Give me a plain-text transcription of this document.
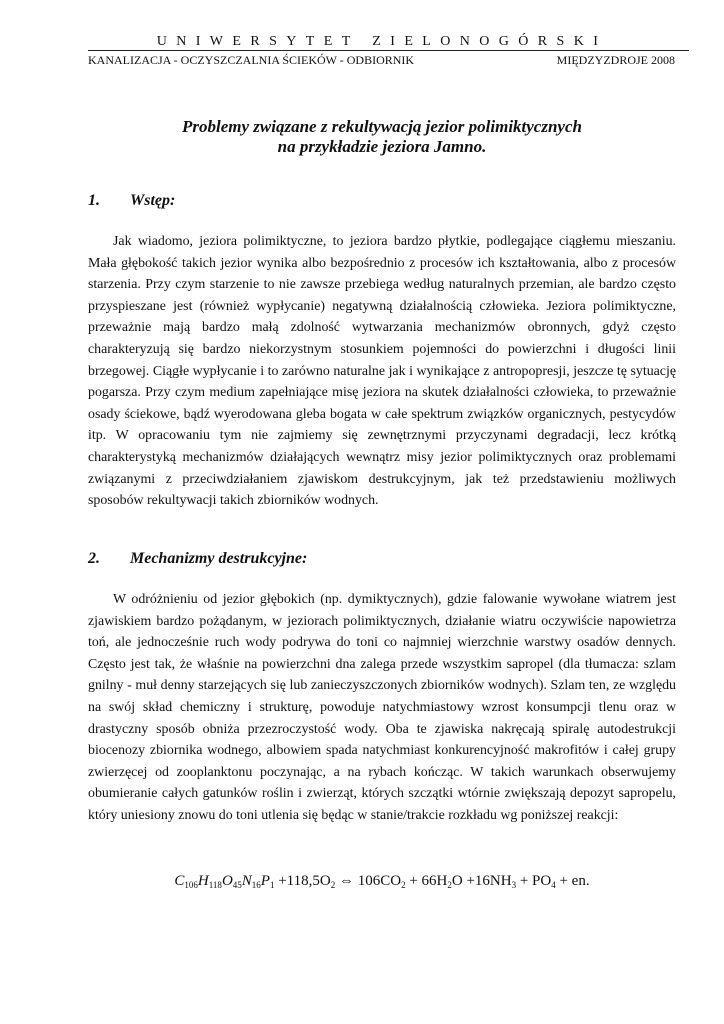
UNIWERSYTET ZIELONOGÓRSKI
KANALIZACJA - OCZYSZCZALNIA ŚCIEKÓW - ODBIORNIK	MIĘDZYZDROJE 2008
Problemy związane z rekultywacją jezior polimiktycznych
na przykładzie jeziora Jamno.
1. Wstęp:

Jak wiadomo, jeziora polimiktyczne, to jeziora bardzo płytkie, podlegające ciągłemu mieszaniu. Mała głębokość takich jezior wynika albo bezpośrednio z procesów ich kształtowania, albo z procesów starzenia. Przy czym starzenie to nie zawsze przebiega według naturalnych przemian, ale bardzo często przyspieszane jest (również wypłycanie) negatywną działalnością człowieka. Jeziora polimiktyczne, przeważnie mają bardzo małą zdolność wytwarzania mechanizmów obronnych, gdyż często charakteryzują się bardzo niekorzystnym stosunkiem pojemności do powierzchni i długości linii brzegowej. Ciągłe wypłycanie i to zarówno naturalne jak i wynikające z antropopresji, jeszcze tę sytuację pogarsza. Przy czym medium zapełniające misę jeziora na skutek działalności człowieka, to przeważnie osady ściekowe, bądź wyerodowana gleba bogata w całe spektrum związków organicznych, pestycydów itp. W opracowaniu tym nie zajmiemy się zewnętrznymi przyczynami degradacji, lecz krótką charakterystyką mechanizmów działających wewnątrz misy jezior polimiktycznych oraz problemami związanymi z przeciwdziałaniem zjawiskom destrukcyjnym, jak też przedstawieniu możliwych sposobów rekultywacji takich zbiorników wodnych.

2. Mechanizmy destrukcyjne:

W odróżnieniu od jezior głębokich (np. dymiktycznych), gdzie falowanie wywołane wiatrem jest zjawiskiem bardzo pożądanym, w jeziorach polimiktycznych, działanie wiatru oczywiście napowietrza toń, ale jednocześnie ruch wody podrywa do toni co najmniej wierzchnie warstwy osadów dennych. Często jest tak, że właśnie na powierzchni dna zalega przede wszystkim sapropel (dla tłumacza: szlam gnilny - muł denny starzejących się lub zanieczyszczonych zbiorników wodnych). Szlam ten, ze względu na swój skład chemiczny i strukturę, powoduje natychmiastowy wzrost konsumpcji tlenu oraz w drastyczny sposób obniża przezroczystość wody. Oba te zjawiska nakręcają spiralę autodestrukcji biocenozy zbiornika wodnego, albowiem spada natychmiast konkurencyjność makrofitów i całej grupy zwierzęcej od zooplanktonu poczynając, a na rybach kończąc. W takich warunkach obserwujemy obumieranie całych gatunków roślin i zwierząt, których szczątki wtórnie zwiększają depozyt sapropelu, który uniesiony znowu do toni utlenia się będąc w stanie/trakcie rozkładu wg poniższej reakcji:

$C_{106}H_{118}O_{45}N_{16}P_1 +118,5O_2$ ⇔ $106CO_2 + 66H_2O +16NH_3 + PO_4$ + en.
